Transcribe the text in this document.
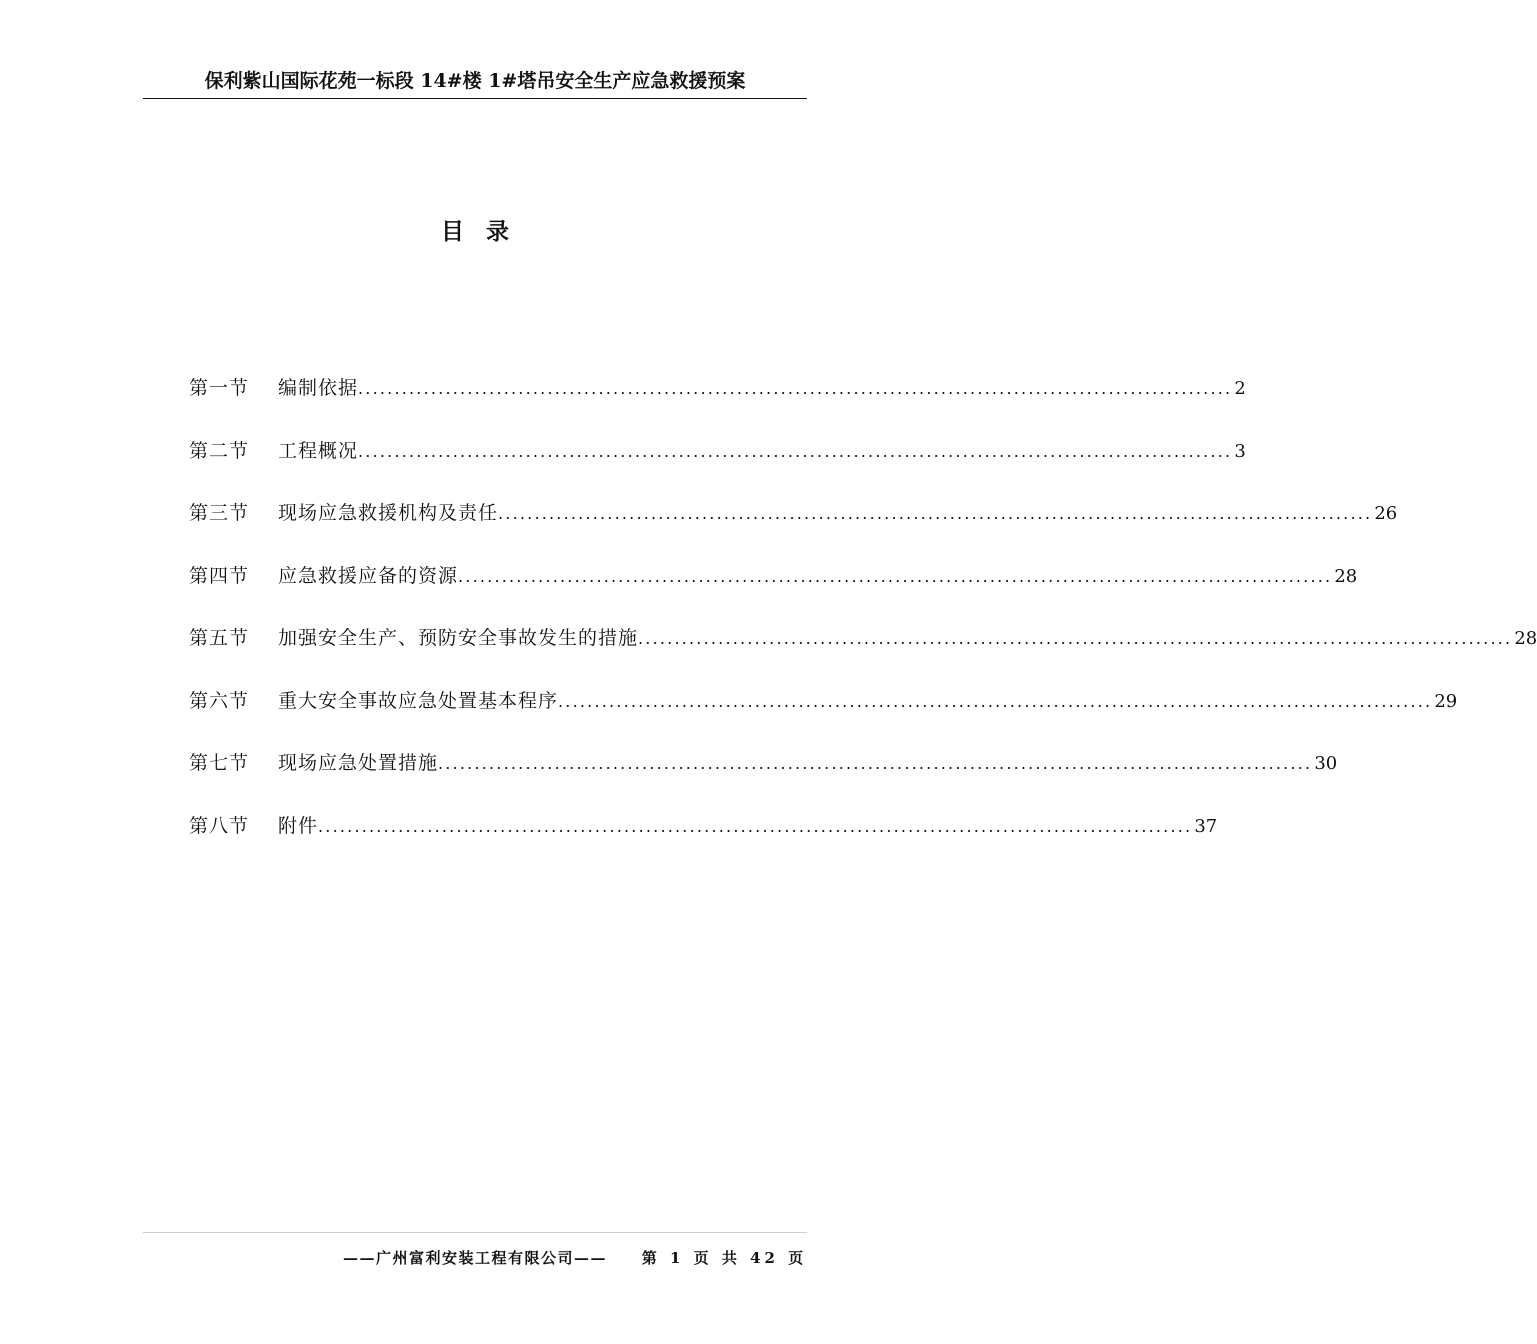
保利紫山国际花苑一标段 14#楼 1#塔吊安全生产应急救援预案
目录
第一节	编制依据 ........................................................................................................................ 2
第二节	工程概况 ........................................................................................................................ 3
第三节	现场应急救援机构及责任 ........................................................................................................................ 26
第四节	应急救援应备的资源 ........................................................................................................................ 28
第五节	加强安全生产、预防安全事故发生的措施 ........................................................................................................................ 28
第六节	重大安全事故应急处置基本程序 ........................................................................................................................ 29
第七节	现场应急处置措施 ........................................................................................................................ 30
第八节	附件 ........................................................................................................................ 37
——广州富利安装工程有限公司—— 第 1 页 共 42 页
